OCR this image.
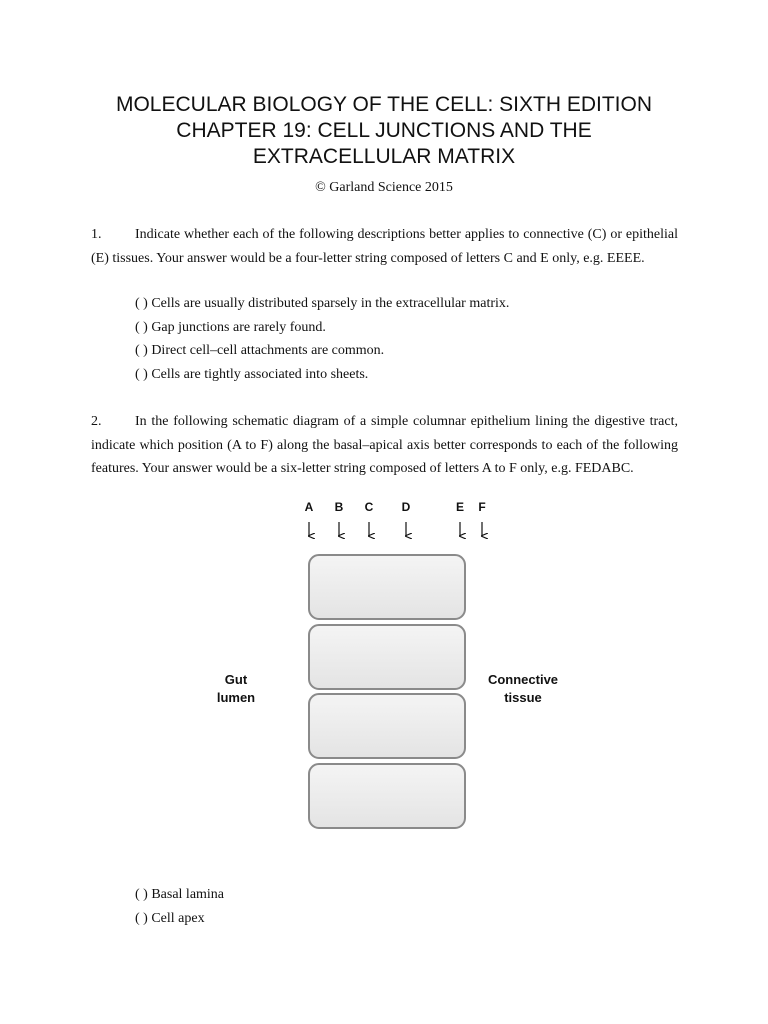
MOLECULAR BIOLOGY OF THE CELL: SIXTH EDITION
CHAPTER 19: CELL JUNCTIONS AND THE
EXTRACELLULAR MATRIX
© Garland Science 2015
1. Indicate whether each of the following descriptions better applies to connective (C) or epithelial (E) tissues. Your answer would be a four-letter string composed of letters C and E only, e.g. EEEE.
( ) Cells are usually distributed sparsely in the extracellular matrix.
( ) Gap junctions are rarely found.
( ) Direct cell–cell attachments are common.
( ) Cells are tightly associated into sheets.
2. In the following schematic diagram of a simple columnar epithelium lining the digestive tract, indicate which position (A to F) along the basal–apical axis better corresponds to each of the following features. Your answer would be a six-letter string composed of letters A to F only, e.g. FEDABC.
A	B	C	D	E	F
Gut
lumen
Connective
tissue
( ) Basal lamina
( ) Cell apex
